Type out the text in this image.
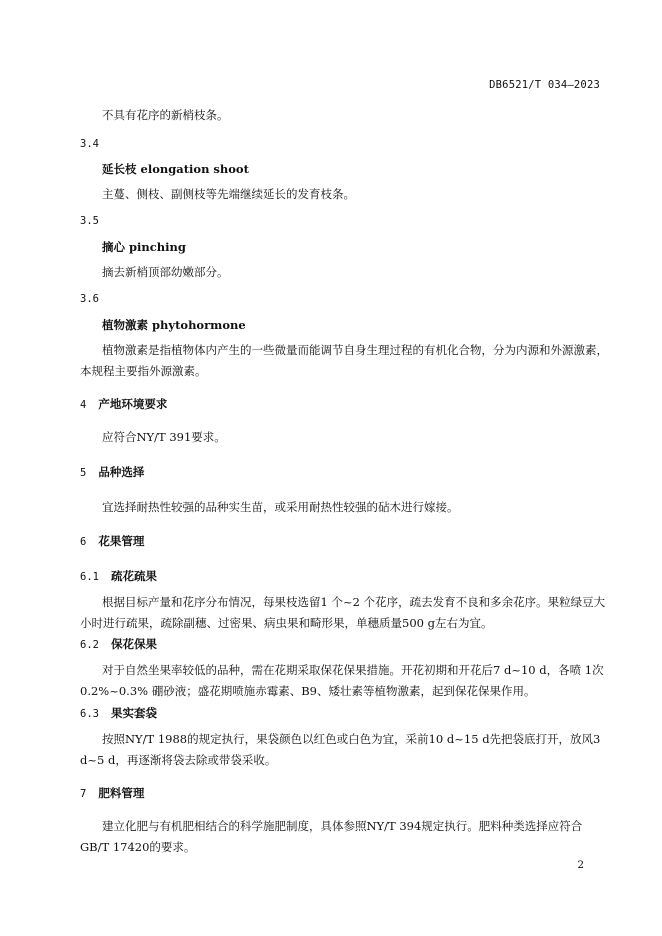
DB6521/T 034—2023
不具有花序的新梢枝条。
3.4
延长枝 elongation shoot
主蔓、侧枝、副侧枝等先端继续延长的发育枝条。
3.5
摘心 pinching
摘去新梢顶部幼嫩部分。
3.6
植物激素 phytohormone
植物激素是指植物体内产生的一些微量而能调节自身生理过程的有机化合物，分为内源和外源激素，本规程主要指外源激素。
4 产地环境要求
应符合NY/T 391要求。
5 品种选择
宜选择耐热性较强的品种实生苗，或采用耐热性较强的砧木进行嫁接。
6 花果管理
6.1 疏花疏果
根据目标产量和花序分布情况，每果枝选留1 个~2 个花序，疏去发育不良和多余花序。果粒绿豆大小时进行疏果，疏除副穗、过密果、病虫果和畸形果，单穗质量500 g左右为宜。
6.2 保花保果
对于自然坐果率较低的品种，需在花期采取保花保果措施。开花初期和开花后7 d~10 d，各喷 1次0.2%~0.3% 硼砂液；盛花期喷施赤霉素、B9、矮壮素等植物激素，起到保花保果作用。
6.3 果实套袋
按照NY/T 1988的规定执行，果袋颜色以红色或白色为宜，采前10 d~15 d先把袋底打开，放风3 d~5 d，再逐渐将袋去除或带袋采收。
7 肥料管理
建立化肥与有机肥相结合的科学施肥制度，具体参照NY/T 394规定执行。肥料种类选择应符合GB/T 17420的要求。
2
